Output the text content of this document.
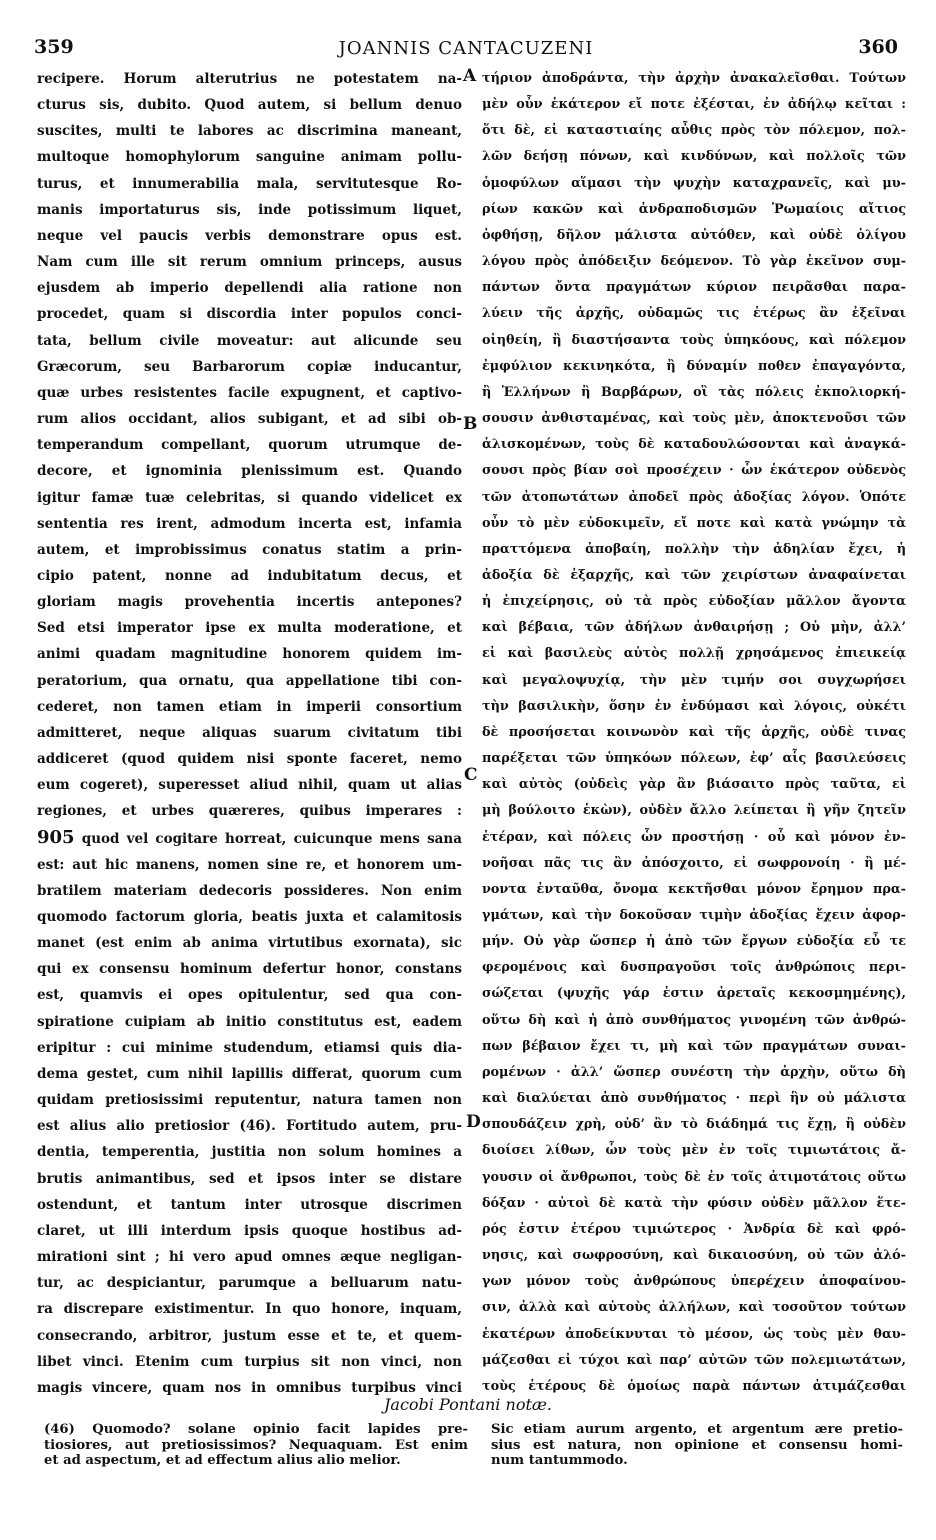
359	JOANNIS CANTACUZENI	360
recipere. Horum alterutrius ne potestatem na-
cturus sis, dubito. Quod autem, si bellum denuo
suscites, multi te labores ac discrimina maneant,
multoque homophylorum sanguine animam pollu-
turus, et innumerabilia mala, servitutesque Ro-
manis importaturus sis, inde potissimum liquet,
neque vel paucis verbis demonstrare opus est.
Nam cum ille sit rerum omnium princeps, ausus
ejusdem ab imperio depellendi alia ratione non
procedet, quam si discordia inter populos conci-
tata, bellum civile moveatur: aut alicunde seu
Græcorum, seu Barbarorum copiæ inducantur,
quæ urbes resistentes facile expugnent, et captivo-
rum alios occidant, alios subigant, et ad sibi ob-
temperandum compellant, quorum utrumque de-
decore, et ignominia plenissimum est. Quando
igitur famæ tuæ celebritas, si quando videlicet ex
sententia res irent, admodum incerta est, infamia
autem, et improbissimus conatus statim a prin-
cipio patent, nonne ad indubitatum decus, et
gloriam magis provehentia incertis antepones?
Sed etsi imperator ipse ex multa moderatione, et
animi quadam magnitudine honorem quidem im-
peratorium, qua ornatu, qua appellatione tibi con-
cederet, non tamen etiam in imperii consortium
admitteret, neque aliquas suarum civitatum tibi
addiceret (quod quidem nisi sponte faceret, nemo
eum cogeret), superesset aliud nihil, quam ut alias
regiones, et urbes quæreres, quibus imperares :
905 quod vel cogitare horreat, cuicunque mens sana
est: aut hic manens, nomen sine re, et honorem um-
bratilem materiam dedecoris possideres. Non enim
quomodo factorum gloria, beatis juxta et calamitosis
manet (est enim ab anima virtutibus exornata), sic
qui ex consensu hominum defertur honor, constans
est, quamvis ei opes opitulentur, sed qua con-
spiratione cuipiam ab initio constitutus est, eadem
eripitur : cui minime studendum, etiamsi quis dia-
dema gestet, cum nihil lapillis differat, quorum cum
quidam pretiosissimi reputentur, natura tamen non
est alius alio pretiosior (46). Fortitudo autem, pru-
dentia, temperentia, justitia non solum homines a
brutis animantibus, sed et ipsos inter se distare
ostendunt, et tantum inter utrosque discrimen
claret, ut illi interdum ipsis quoque hostibus ad-
mirationi sint ; hi vero apud omnes æque negligan-
tur, ac despiciantur, parumque a belluarum natu-
ra discrepare existimentur. In quo honore, inquam,
consecrando, arbitror, justum esse et te, et quem-
libet vinci. Etenim cum turpius sit non vinci, non
magis vincere, quam nos in omnibus turpibus vinci
τήριον ἀποδράντα, τὴν ἀρχὴν ἀνακαλεῖσθαι. Τούτων
μὲν οὖν ἑκάτερον εἴ ποτε ἐξέσται, ἐν ἀδήλῳ κεῖται :
ὅτι δὲ, εἰ καταστιαίης αὖθις πρὸς τὸν πόλεμον, πολ-
λῶν δεήσῃ πόνων, καὶ κινδύνων, καὶ πολλοῖς τῶν
ὁμοφύλων αἵμασι τὴν ψυχὴν καταχρανεῖς, καὶ μυ-
ρίων κακῶν καὶ ἀνδραποδισμῶν Ῥωμαίοις αἴτιος
ὀφθήσῃ, δῆλον μάλιστα αὐτόθεν, καὶ οὐδὲ ὀλίγου
λόγου πρὸς ἀπόδειξιν δεόμενον. Τὸ γὰρ ἐκεῖνον συμ-
πάντων ὄντα πραγμάτων κύριον πειρᾶσθαι παρα-
λύειν τῆς ἀρχῆς, οὐδαμῶς τις ἑτέρως ἂν ἐξεῖναι
οἰηθείη, ἢ διαστήσαντα τοὺς ὑπηκόους, καὶ πόλεμον
ἐμφύλιον κεκινηκότα, ἢ δύναμίν ποθεν ἐπαγαγόντα,
ἢ Ἑλλήνων ἢ Βαρβάρων, οἳ τὰς πόλεις ἐκπολιορκή-
σουσιν ἀνθισταμένας, καὶ τοὺς μὲν, ἀποκτενοῦσι τῶν
ἁλισκομένων, τοὺς δὲ καταδουλώσονται καὶ ἀναγκά-
σουσι πρὸς βίαν σοὶ προσέχειν · ὧν ἑκάτερον οὐδενὸς
τῶν ἀτοπωτάτων ἀποδεῖ πρὸς ἀδοξίας λόγον. Ὁπότε
οὖν τὸ μὲν εὐδοκιμεῖν, εἴ ποτε καὶ κατὰ γνώμην τὰ
πραττόμενα ἀποβαίη, πολλὴν τὴν ἀδηλίαν ἔχει, ἡ
ἀδοξία δὲ ἐξαρχῆς, καὶ τῶν χειρίστων ἀναφαίνεται
ἡ ἐπιχείρησις, οὐ τὰ πρὸς εὐδοξίαν μᾶλλον ἄγοντα
καὶ βέβαια, τῶν ἀδήλων ἀνθαιρήσῃ ; Οὐ μὴν, ἀλλ’
εἰ καὶ βασιλεὺς αὐτὸς πολλῇ χρησάμενος ἐπιεικείᾳ
καὶ μεγαλοψυχίᾳ, τὴν μὲν τιμήν σοι συγχωρήσει
τὴν βασιλικὴν, ὅσην ἐν ἐνδύμασι καὶ λόγοις, οὐκέτι
δὲ προσήσεται κοινωνὸν καὶ τῆς ἀρχῆς, οὐδὲ τινας
παρέξεται τῶν ὑπηκόων πόλεων, ἐφ’ αἷς βασιλεύσεις
καὶ αὐτὸς (οὐδεὶς γὰρ ἂν βιάσαιτο πρὸς ταῦτα, εἰ
μὴ βούλοιτο ἑκὼν), οὐδὲν ἄλλο λείπεται ἢ γῆν ζητεῖν
ἑτέραν, καὶ πόλεις ὧν προστήσῃ · οὗ καὶ μόνον ἐν-
νοῆσαι πᾶς τις ἂν ἀπόσχοιτο, εἰ σωφρονοίη · ἢ μέ-
νοντα ἐνταῦθα, ὄνομα κεκτῆσθαι μόνον ἔρημον πρα-
γμάτων, καὶ τὴν δοκοῦσαν τιμὴν ἀδοξίας ἔχειν ἀφορ-
μήν. Οὐ γὰρ ὥσπερ ἡ ἀπὸ τῶν ἔργων εὐδοξία εὖ τε
φερομένοις καὶ δυσπραγοῦσι τοῖς ἀνθρώποις περι-
σώζεται (ψυχῆς γάρ ἐστιν ἀρεταῖς κεκοσμημένης),
οὕτω δὴ καὶ ἡ ἀπὸ συνθήματος γινομένη τῶν ἀνθρώ-
πων βέβαιον ἔχει τι, μὴ καὶ τῶν πραγμάτων συναι-
ρομένων · ἀλλ’ ὥσπερ συνέστη τὴν ἀρχὴν, οὕτω δὴ
καὶ διαλύεται ἀπὸ συνθήματος · περὶ ἣν οὐ μάλιστα
σπουδάζειν χρὴ, οὐδ’ ἂν τὸ διάδημά τις ἔχῃ, ἢ οὐδὲν
διοίσει λίθων, ὧν τοὺς μὲν ἐν τοῖς τιμιωτάτοις ἄ-
γουσιν οἱ ἄνθρωποι, τοὺς δὲ ἐν τοῖς ἀτιμοτάτοις οὕτω
δόξαν · αὐτοὶ δὲ κατὰ τὴν φύσιν οὐδὲν μᾶλλον ἕτε-
ρός ἐστιν ἑτέρου τιμιώτερος · Ἀνδρία δὲ καὶ φρό-
νησις, καὶ σωφροσύνη, καὶ δικαιοσύνη, οὐ τῶν ἀλό-
γων μόνον τοὺς ἀνθρώπους ὑπερέχειν ἀποφαίνου-
σιν, ἀλλὰ καὶ αὐτοὺς ἀλλήλων, καὶ τοσοῦτον τούτων
ἑκατέρων ἀποδείκνυται τὸ μέσον, ὡς τοὺς μὲν θαυ-
μάζεσθαι εἰ τύχοι καὶ παρ’ αὐτῶν τῶν πολεμιωτάτων,
τοὺς ἑτέρους δὲ ὁμοίως παρὰ πάντων ἀτιμάζεσθαι
A
B
C
D
Jacobi Pontani notæ.
(46) Quomodo? solane opinio facit lapides pre-
tiosiores, aut pretiosissimos? Nequaquam. Est enim
et ad aspectum, et ad effectum alius alio melior.
Sic etiam aurum argento, et argentum ære pretio-
sius est natura, non opinione et consensu homi-
num tantummodo.
